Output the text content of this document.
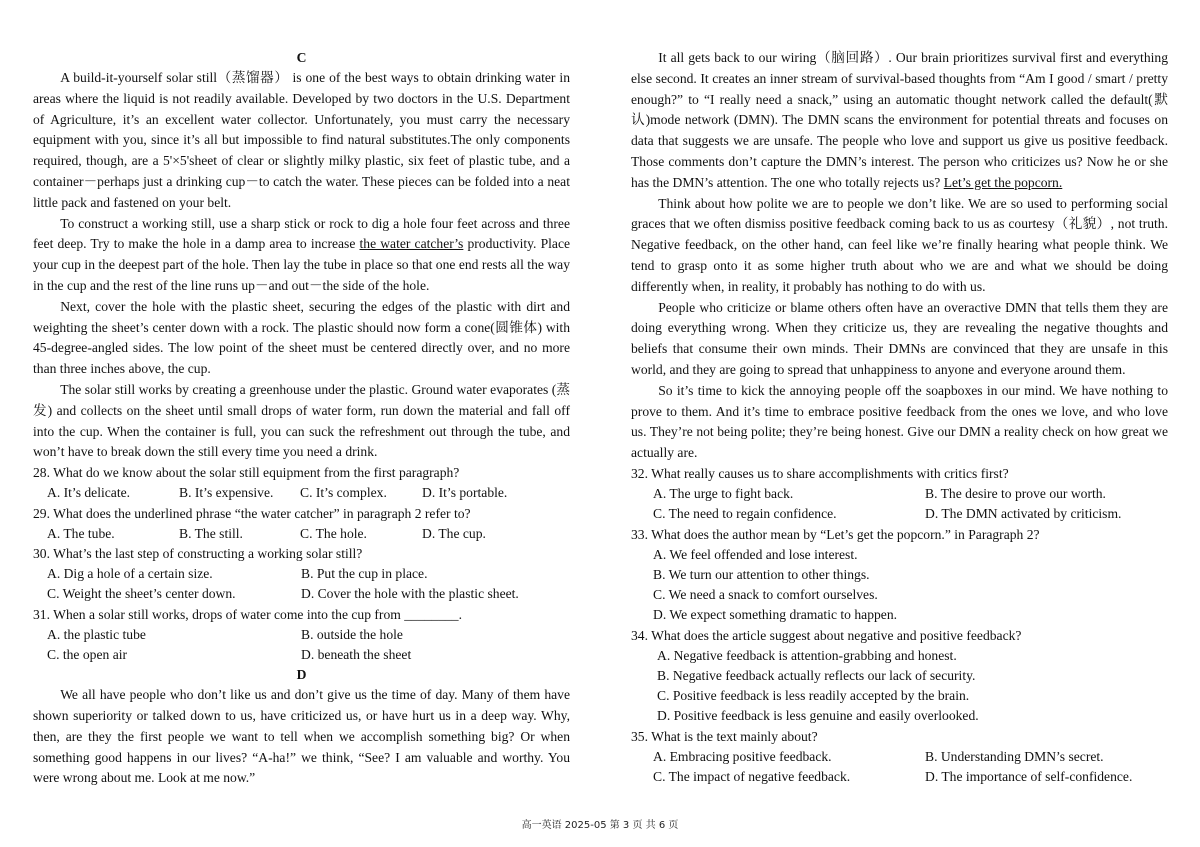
C

A build-it-yourself solar still（蒸馏器） is one of the best ways to obtain drinking water in areas where the liquid is not readily available. Developed by two doctors in the U.S. Department of Agriculture, it’s an excellent water collector. Unfortunately, you must carry the necessary equipment with you, since it’s all but impossible to find natural substitutes.The only components required, though, are a 5'×5'sheet of clear or slightly milky plastic, six feet of plastic tube, and a container－perhaps just a drinking cup－to catch the water. These pieces can be folded into a neat little pack and fastened on your belt.

To construct a working still, use a sharp stick or rock to dig a hole four feet across and three feet deep. Try to make the hole in a damp area to increase the water catcher’s productivity. Place your cup in the deepest part of the hole. Then lay the tube in place so that one end rests all the way in the cup and the rest of the line runs up－and out－the side of the hole.

Next, cover the hole with the plastic sheet, securing the edges of the plastic with dirt and weighting the sheet’s center down with a rock. The plastic should now form a cone(圆锥体) with 45-degree-angled sides. The low point of the sheet must be centered directly over, and no more than three inches above, the cup.

The solar still works by creating a greenhouse under the plastic. Ground water evaporates (蒸发) and collects on the sheet until small drops of water form, run down the material and fall off into the cup. When the container is full, you can suck the refreshment out through the tube, and won’t have to break down the still every time you need a drink.

28. What do we know about the solar still equipment from the first paragraph?

A. It’s delicate.	B. It’s expensive.	C. It’s complex.	D. It’s portable.

29. What does the underlined phrase “the water catcher” in paragraph 2 refer to?

A. The tube.	B. The still.	C. The hole.	D. The cup.

30. What’s the last step of constructing a working solar still?

A. Dig a hole of a certain size.	B. Put the cup in place.
C. Weight the sheet’s center down.	D. Cover the hole with the plastic sheet.

31. When a solar still works, drops of water come into the cup from ________.

A. the plastic tube	B. outside the hole
C. the open air	D. beneath the sheet
D

We all have people who don’t like us and don’t give us the time of day. Many of them have shown superiority or talked down to us, have criticized us, or have hurt us in a deep way. Why, then, are they the first people we want to tell when we accomplish something big? Or when something good happens in our lives? “A-ha!” we think, “See? I am valuable and worthy. You were wrong about me. Look at me now.”

It all gets back to our wiring（脑回路）. Our brain prioritizes survival first and everything else second. It creates an inner stream of survival-based thoughts from “Am I good / smart / pretty enough?” to “I really need a snack,” using an automatic thought network called the default(默认)mode network (DMN). The DMN scans the environment for potential threats and focuses on data that suggests we are unsafe. The people who love and support us give us positive feedback. Those comments don’t capture the DMN’s interest. The person who criticizes us? Now he or she has the DMN’s attention. The one who totally rejects us? Let’s get the popcorn.

Think about how polite we are to people we don’t like. We are so used to performing social graces that we often dismiss positive feedback coming back to us as courtesy（礼貌）, not truth. Negative feedback, on the other hand, can feel like we’re finally hearing what people think. We tend to grasp onto it as some higher truth about who we are and what we should be doing differently when, in reality, it probably has nothing to do with us.

People who criticize or blame others often have an overactive DMN that tells them they are doing everything wrong. When they criticize us, they are revealing the negative thoughts and beliefs that consume their own minds. Their DMNs are convinced that they are unsafe in this world, and they are going to spread that unhappiness to anyone and everyone around them.

So it’s time to kick the annoying people off the soapboxes in our mind. We have nothing to prove to them. And it’s time to embrace positive feedback from the ones we love, and who love us. They’re not being polite; they’re being honest. Give our DMN a reality check on how great we actually are.

32. What really causes us to share accomplishments with critics first?

A. The urge to fight back.	B. The desire to prove our worth.
C. The need to regain confidence.	D. The DMN activated by criticism.

33. What does the author mean by “Let’s get the popcorn.” in Paragraph 2?

A. We feel offended and lose interest.
B. We turn our attention to other things.
C. We need a snack to comfort ourselves.
D. We expect something dramatic to happen.

34. What does the article suggest about negative and positive feedback?

A. Negative feedback is attention-grabbing and honest.
B. Negative feedback actually reflects our lack of security.
C. Positive feedback is less readily accepted by the brain.
D. Positive feedback is less genuine and easily overlooked.

35. What is the text mainly about?

A. Embracing positive feedback.	B. Understanding DMN’s secret.
C. The impact of negative feedback.	D. The importance of self-confidence.
高一英语 2025-05 第 3 页 共 6 页
